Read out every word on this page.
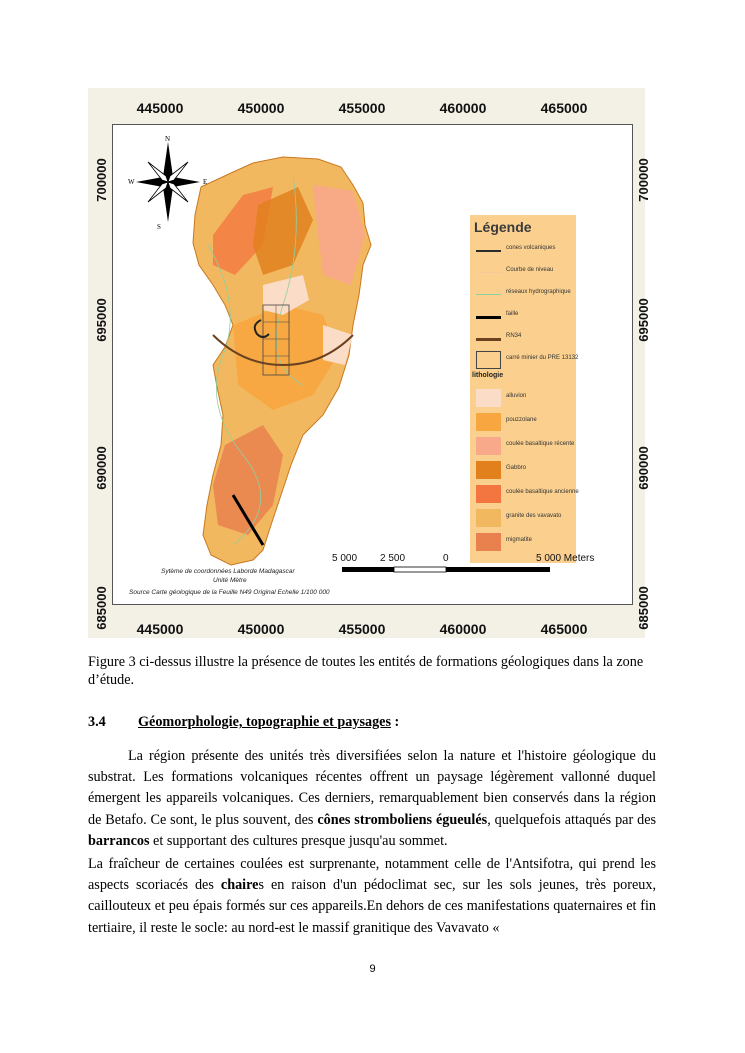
445000	450000	455000	460000	465000
445000	450000	455000	460000	465000
700000
695000
690000
685000
700000
695000
690000
685000
N
W	E
S	Légende
cones volcaniques
Courbe de niveau
réseaux hydrographique
faille
RN34
carré minier du PRE 13132
lithologie
alluvion
pouzzolane
coulée basaltique récente
Gabbro
coulée basaltique ancienne
granite des vavavato
migmatite
Sytème de coordonnées Laborde Madagascar
Unité Mètre
Source Carte géologique de la Feuille N49 Original Echelle 1/100 000
5 000 2 500	0	5 000 Meters

Figure 3 ci-dessus illustre la présence de toutes les entités de formations géologiques dans la zone d’étude.

3.4 Géomorphologie, topographie et paysages :

La région présente des unités très diversifiées selon la nature et l'histoire géologique du substrat. Les formations volcaniques récentes offrent un paysage légèrement vallonné duquel émergent les appareils volcaniques. Ces derniers, remarquablement bien conservés dans la région de Betafo. Ce sont, le plus souvent, des cônes stromboliens égueulés, quelquefois attaqués par des barrancos et supportant des cultures presque jusqu'au sommet.

La fraîcheur de certaines coulées est surprenante, notamment celle de l'Antsifotra, qui prend les aspects scoriacés des chaires en raison d'un pédoclimat sec, sur les sols jeunes, très poreux, caillouteux et peu épais formés sur ces appareils.En dehors de ces manifestations quaternaires et fin tertiaire, il reste le socle: au nord-est le massif granitique des Vavavato «

9
